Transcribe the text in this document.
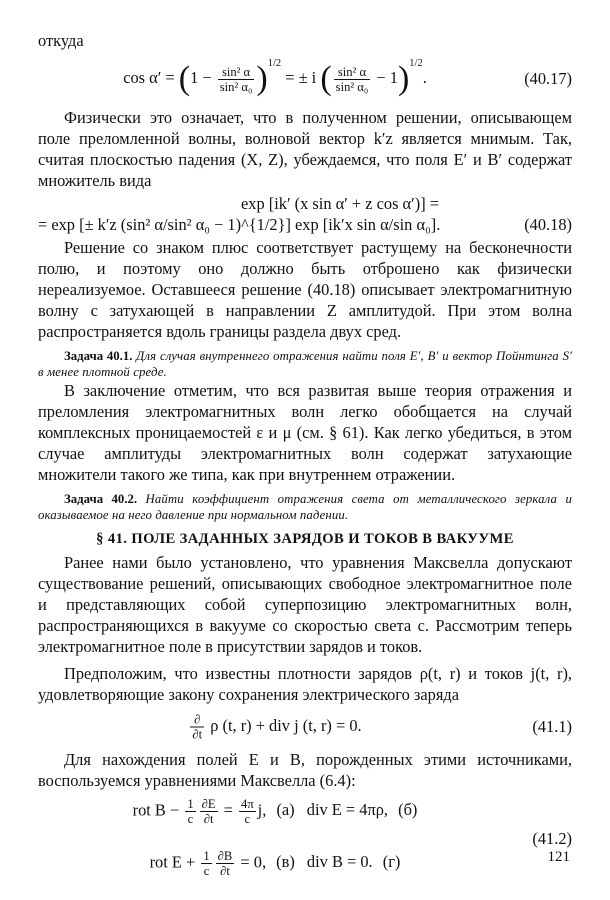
откуда

$\cos \alpha' = (1 - \frac{\text{sin² α}}{\text{sin² α₀}} )^{1/2}$ = ± i ( $\frac{\text{sin² α}}{\text{sin² α₀}} - 1)^{1/2}$.	(40.17)

Физически это означает, что в полученном решении, описывающем поле преломленной волны, волновой вектор k′z является мнимым. Так, считая плоскостью падения (X, Z), убеждаемся, что поля E′ и B′ содержат множитель вида

exp [ik′ (x sin α′ + z cos α′)] =

= exp [± k′z (sin² α/sin² α₀ − 1)^{1/2}] exp [ik′x sin α/sin α₀].	(40.18)

Решение со знаком плюс соответствует растущему на бесконечности полю, и поэтому оно должно быть отброшено как физически нереализуемое. Оставшееся решение (40.18) описывает электромагнитную волну с затухающей в направлении Z амплитудой. При этом волна распространяется вдоль границы раздела двух сред.

Задача 40.1. Для случая внутреннего отражения найти поля E′, B′ и вектор Пойнтинга S′ в менее плотной среде.

В заключение отметим, что вся развитая выше теория отражения и преломления электромагнитных волн легко обобщается на случай комплексных проницаемостей ε и μ (см. § 61). Как легко убедиться, в этом случае амплитуды электромагнитных волн содержат затухающие множители такого же типа, как при внутреннем отражении.

Задача 40.2. Найти коэффициент отражения света от металлического зеркала и оказываемое на него давление при нормальном падении.

§ 41. ПОЛЕ ЗАДАННЫХ ЗАРЯДОВ И ТОКОВ В ВАКУУМЕ

Ранее нами было установлено, что уравнения Максвелла допускают существование решений, описывающих свободное электромагнитное поле и представляющих собой суперпозицию электромагнитных волн, распространяющихся в вакууме со скоростью света c. Рассмотрим теперь электромагнитное поле в присутствии зарядов и токов.

Предположим, что известны плотности зарядов ρ(t, r) и токов j(t, r), удовлетворяющие закону сохранения электрического заряда

$\frac{\partial}{\partial t}$ ρ (t, r) + div j (t, r) = 0.	(41.1)

Для нахождения полей E и B, порожденных этими источниками, воспользуемся уравнениями Максвелла (6.4):

rot $B - \frac{1}{c} \frac{\partial E}{\partial t} = \frac{4\pi}{c} j$, (а) div E = 4πρ, (б)
(41.2)
rot $E + \frac{1}{c} \frac{\partial B}{\partial t} = 0$, (в) div B = 0. (г)	121
